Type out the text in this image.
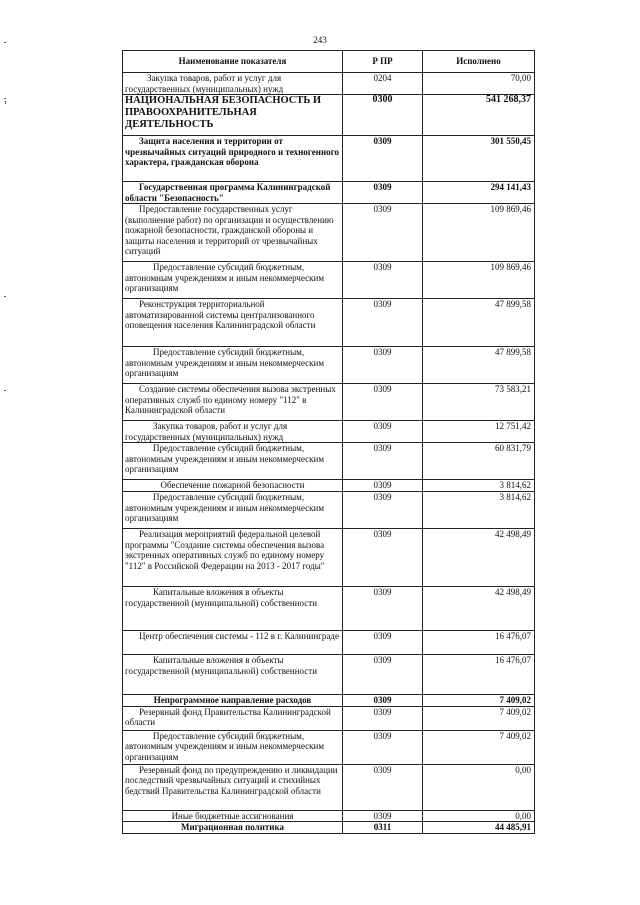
243
Наименование показателя	Р ПР	Исполнено
Закупка товаров, работ и услуг для государственных (муниципальных) нужд	0204	70,00
НАЦИОНАЛЬНАЯ БЕЗОПАСНОСТЬ И ПРАВООХРАНИТЕЛЬНАЯ ДЕЯТЕЛЬНОСТЬ	0300	541 268,37
Защита населения и территории от чрезвычайных ситуаций природного и техногенного характера, гражданская оборона	0309	301 550,45
Государственная программа Калининградской области "Безопасность"	0309	294 141,43
Предоставление государственных услуг (выполнение работ) по организации и осуществлению пожарной безопасности, гражданской обороны и защиты населения и территорий от чрезвычайных ситуаций	0309	109 869,46
Предоставление субсидий бюджетным, автономным учреждениям и иным некоммерческим организациям	0309	109 869,46
Реконструкция территориальной автоматизированной системы централизованного оповещения населения Калининградской области	0309	47 899,58
Предоставление субсидий бюджетным, автономным учреждениям и иным некоммерческим организациям	0309	47 899,58
Создание системы обеспечения вызова экстренных оперативных служб по единому номеру "112" в Калининградской области	0309	73 583,21
Закупка товаров, работ и услуг для государственных (муниципальных) нужд	0309	12 751,42
Предоставление субсидий бюджетным, автономным учреждениям и иным некоммерческим организациям	0309	60 831,79
Обеспечение пожарной безопасности	0309	3 814,62
Предоставление субсидий бюджетным, автономным учреждениям и иным некоммерческим организациям	0309	3 814,62
Реализация мероприятий федеральной целевой программы "Создание системы обеспечения вызова экстренных оперативных служб по единому номеру "112" в Российской Федерации на 2013 - 2017 годы"	0309	42 498,49
Капитальные вложения в объекты государственной (муниципальной) собственности	0309	42 498,49
Центр обеспечения системы - 112 в г. Калининграде	0309	16 476,07
Капитальные вложения в объекты государственной (муниципальной) собственности	0309	16 476,07
Непрограммное направление расходов	0309	7 409,02
Резервный фонд Правительства Калининградской области	0309	7 409,02
Предоставление субсидий бюджетным, автономным учреждениям и иным некоммерческим организациям	0309	7 409,02
Резервный фонд по предупреждению и ликвидации последствий чрезвычайных ситуаций и стихийных бедствий Правительства Калининградской области	0309	0,00
Иные бюджетные ассигнования	0309	0,00
Миграционная политика	0311	44 485,91
